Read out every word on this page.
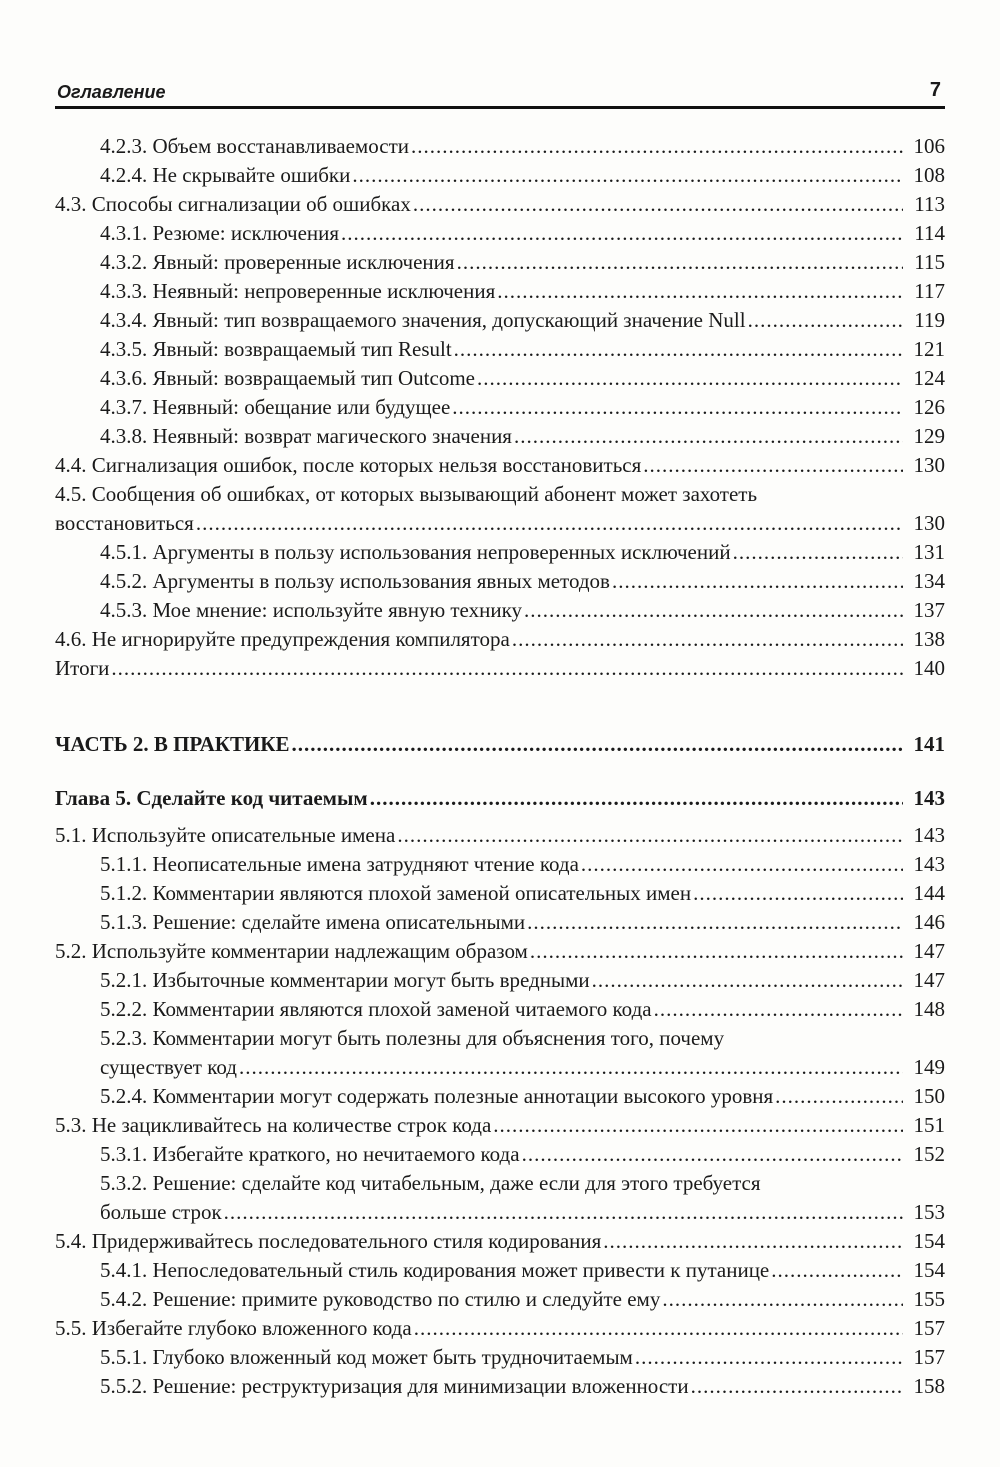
Оглавление	7
4.2.3. Объем восстанавливаемости .....	106
4.2.4. Не скрывайте ошибки .....	108
4.3. Способы сигнализации об ошибках .....	113
4.3.1. Резюме: исключения .....	114
4.3.2. Явный: проверенные исключения .....	115
4.3.3. Неявный: непроверенные исключения .....	117
4.3.4. Явный: тип возвращаемого значения, допускающий значение Null .....	119
4.3.5. Явный: возвращаемый тип Result .....	121
4.3.6. Явный: возвращаемый тип Outcome .....	124
4.3.7. Неявный: обещание или будущее .....	126
4.3.8. Неявный: возврат магического значения .....	129
4.4. Сигнализация ошибок, после которых нельзя восстановиться .....	130
4.5. Сообщения об ошибках, от которых вызывающий абонент может захотеть
восстановиться .....	130
4.5.1. Аргументы в пользу использования непроверенных исключений .....	131
4.5.2. Аргументы в пользу использования явных методов .....	134
4.5.3. Мое мнение: используйте явную технику .....	137
4.6. Не игнорируйте предупреждения компилятора .....	138
Итоги .....	140
ЧАСТЬ 2. В ПРАКТИКЕ .....	141
Глава 5. Сделайте код читаемым .....	143
5.1. Используйте описательные имена .....	143
5.1.1. Неописательные имена затрудняют чтение кода .....	143
5.1.2. Комментарии являются плохой заменой описательных имен .....	144
5.1.3. Решение: сделайте имена описательными .....	146
5.2. Используйте комментарии надлежащим образом .....	147
5.2.1. Избыточные комментарии могут быть вредными .....	147
5.2.2. Комментарии являются плохой заменой читаемого кода .....	148
5.2.3. Комментарии могут быть полезны для объяснения того, почему
существует код .....	149
5.2.4. Комментарии могут содержать полезные аннотации высокого уровня .....	150
5.3. Не зацикливайтесь на количестве строк кода .....	151
5.3.1. Избегайте краткого, но нечитаемого кода .....	152
5.3.2. Решение: сделайте код читабельным, даже если для этого требуется
больше строк .....	153
5.4. Придерживайтесь последовательного стиля кодирования .....	154
5.4.1. Непоследовательный стиль кодирования может привести к путанице .....	154
5.4.2. Решение: примите руководство по стилю и следуйте ему .....	155
5.5. Избегайте глубоко вложенного кода .....	157
5.5.1. Глубоко вложенный код может быть трудночитаемым .....	157
5.5.2. Решение: реструктуризация для минимизации вложенности .....	158
